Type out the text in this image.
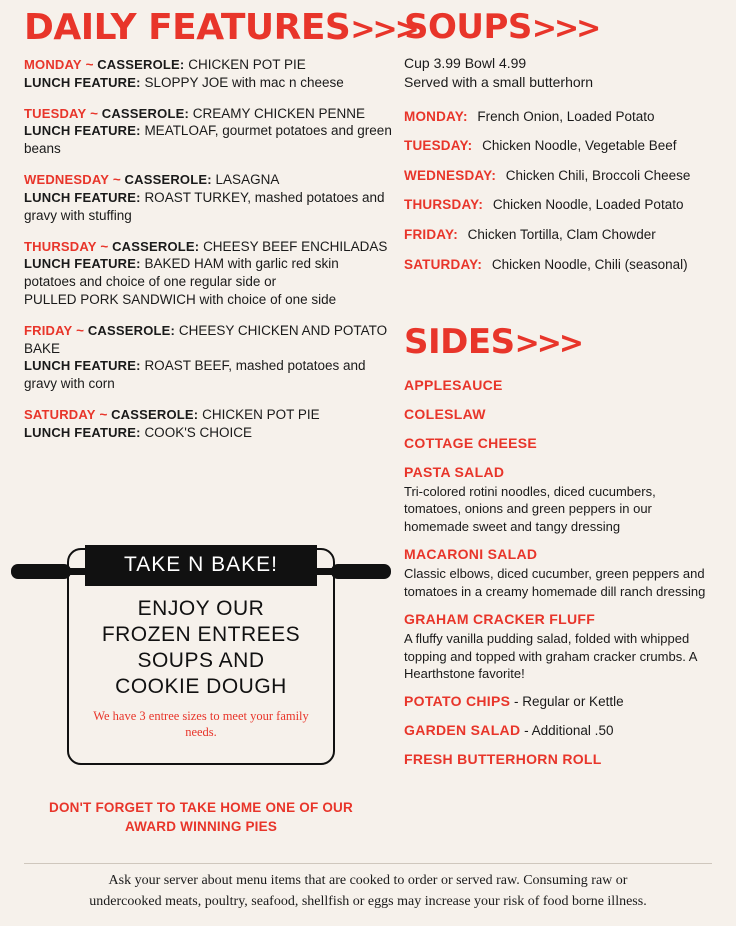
DAILY FEATURES>>>
MONDAY ~ CASSEROLE: CHICKEN POT PIE
LUNCH FEATURE: SLOPPY JOE with mac n cheese
TUESDAY ~ CASSEROLE: CREAMY CHICKEN PENNE
LUNCH FEATURE: MEATLOAF, gourmet potatoes and green beans
WEDNESDAY ~ CASSEROLE: LASAGNA
LUNCH FEATURE: ROAST TURKEY, mashed potatoes and gravy with stuffing
THURSDAY ~ CASSEROLE: CHEESY BEEF ENCHILADAS
LUNCH FEATURE: BAKED HAM with garlic red skin potatoes and choice of one regular side or
PULLED PORK SANDWICH with choice of one side
FRIDAY ~ CASSEROLE: CHEESY CHICKEN AND POTATO BAKE
LUNCH FEATURE: ROAST BEEF, mashed potatoes and gravy with corn
SATURDAY ~ CASSEROLE: CHICKEN POT PIE
LUNCH FEATURE: COOK'S CHOICE
SOUPS>>>
Cup 3.99 Bowl 4.99
Served with a small butterhorn
MONDAY: French Onion, Loaded Potato
TUESDAY: Chicken Noodle, Vegetable Beef
WEDNESDAY: Chicken Chili, Broccoli Cheese
THURSDAY: Chicken Noodle, Loaded Potato
FRIDAY: Chicken Tortilla, Clam Chowder
SATURDAY: Chicken Noodle, Chili (seasonal)
SIDES>>>
APPLESAUCE
COLESLAW
COTTAGE CHEESE
PASTA SALAD
Tri-colored rotini noodles, diced cucumbers, tomatoes, onions and green peppers in our homemade sweet and tangy dressing
MACARONI SALAD
Classic elbows, diced cucumber, green peppers and tomatoes in a creamy homemade dill ranch dressing
GRAHAM CRACKER FLUFF
A fluffy vanilla pudding salad, folded with whipped topping and topped with graham cracker crumbs. A Hearthstone favorite!
POTATO CHIPS - Regular or Kettle
GARDEN SALAD - Additional .50
FRESH BUTTERHORN ROLL
TAKE N BAKE!
ENJOY OUR
FROZEN ENTREES
SOUPS AND
COOKIE DOUGH
We have 3 entree sizes to meet your family needs.
DON'T FORGET TO TAKE HOME ONE OF OUR AWARD WINNING PIES
Ask your server about menu items that are cooked to order or served raw. Consuming raw or
undercooked meats, poultry, seafood, shellfish or eggs may increase your risk of food borne illness.
